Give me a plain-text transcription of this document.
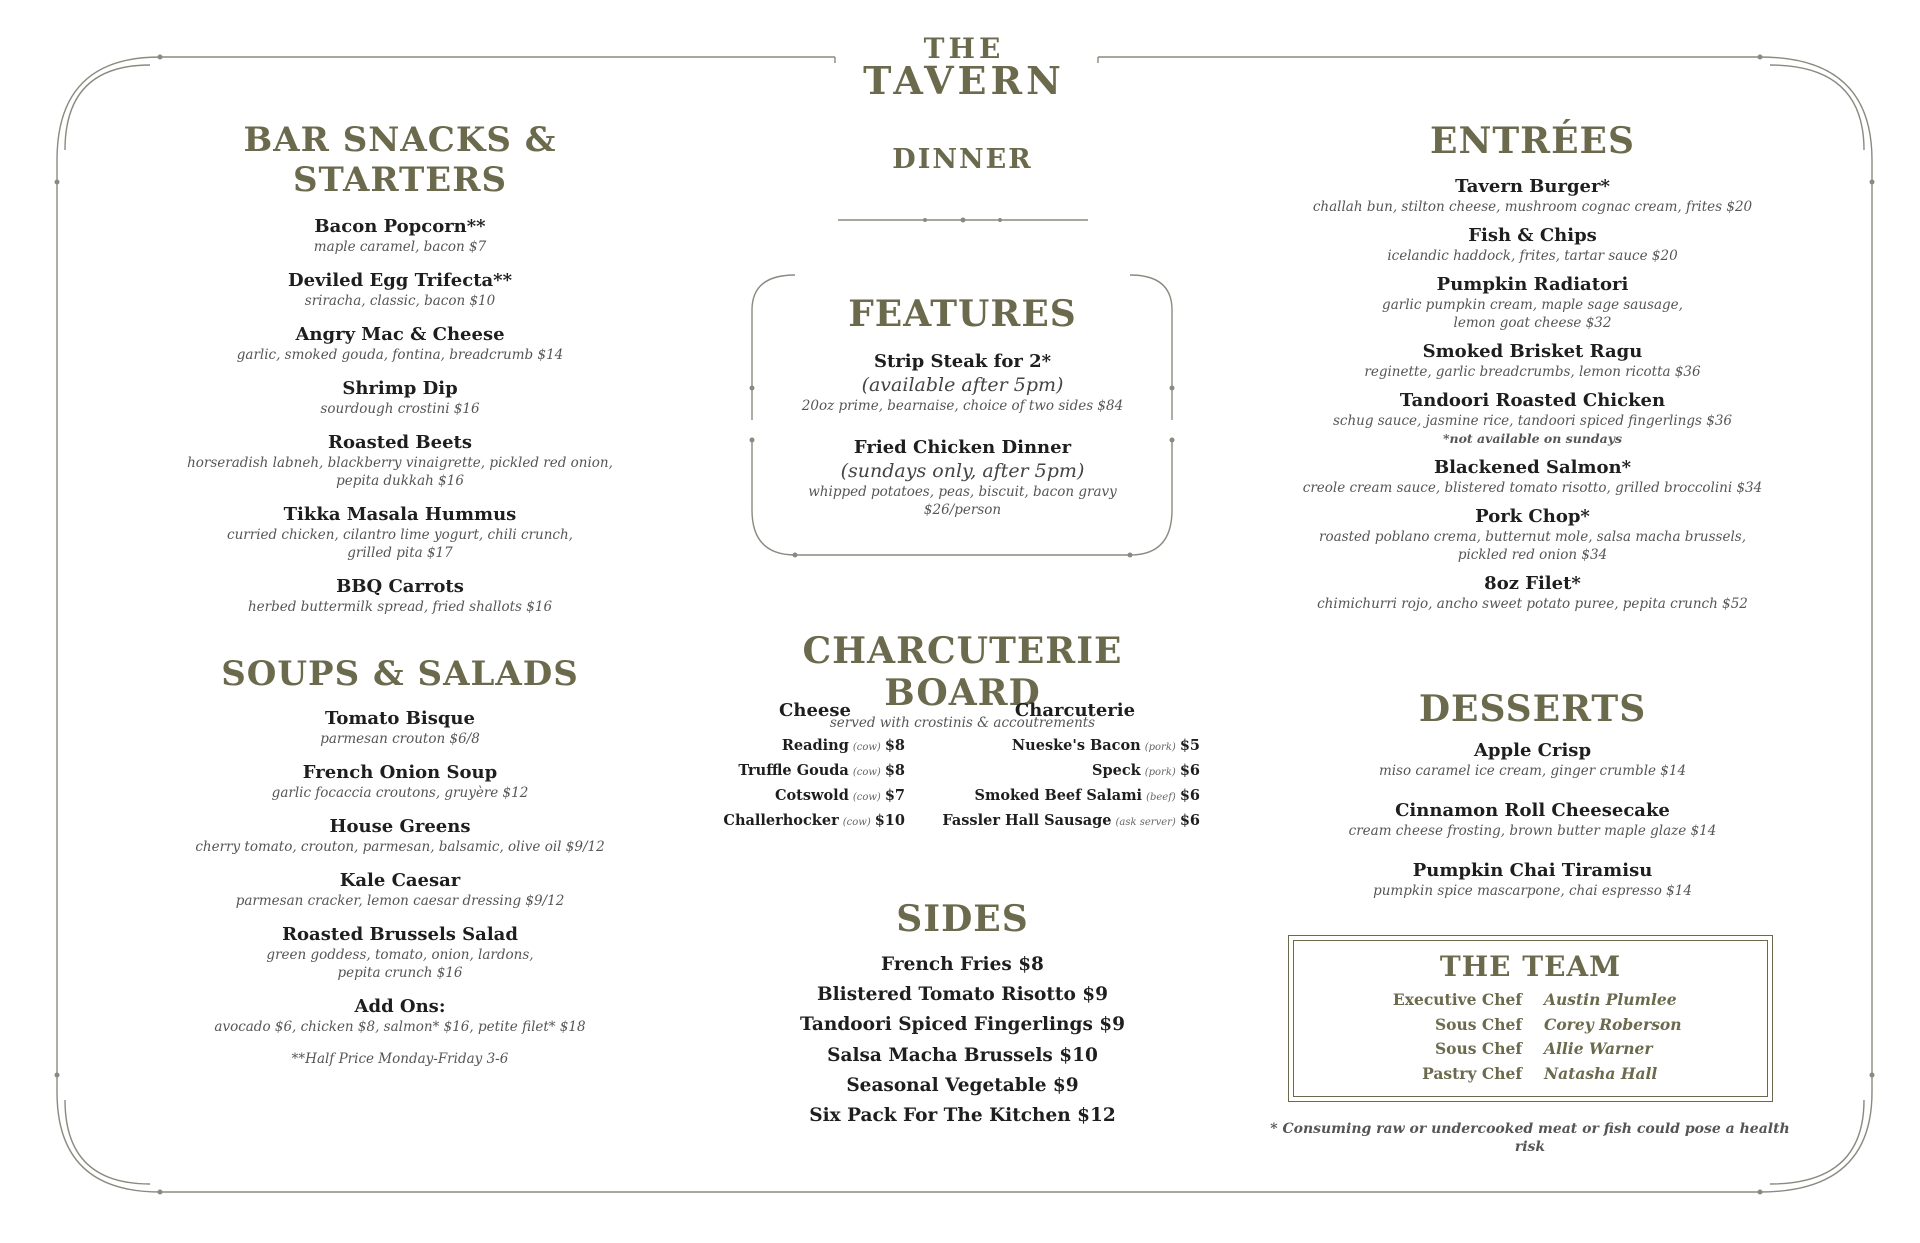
THE
TAVERN
BAR SNACKS & STARTERS
Bacon Popcorn**
maple caramel, bacon $7
Deviled Egg Trifecta**
sriracha, classic, bacon $10
Angry Mac & Cheese
garlic, smoked gouda, fontina, breadcrumb $14
Shrimp Dip
sourdough crostini $16
Roasted Beets
horseradish labneh, blackberry vinaigrette, pickled red onion,
pepita dukkah $16
Tikka Masala Hummus
curried chicken, cilantro lime yogurt, chili crunch,
grilled pita $17
BBQ Carrots
herbed buttermilk spread, fried shallots $16
SOUPS & SALADS
Tomato Bisque
parmesan crouton $6/8
French Onion Soup
garlic focaccia croutons, gruyère $12
House Greens
cherry tomato, crouton, parmesan, balsamic, olive oil $9/12
Kale Caesar
parmesan cracker, lemon caesar dressing $9/12
Roasted Brussels Salad
green goddess, tomato, onion, lardons,
pepita crunch $16
Add Ons:
avocado $6, chicken $8, salmon* $16, petite filet* $18
**Half Price Monday-Friday 3-6
DINNER
FEATURES
Strip Steak for 2*
(available after 5pm)
20oz prime, bearnaise, choice of two sides $84
Fried Chicken Dinner
(sundays only, after 5pm)
whipped potatoes, peas, biscuit, bacon gravy
$26/person
CHARCUTERIE BOARD
served with crostinis & accoutrements
Cheese
Reading (cow) $8
Truffle Gouda (cow) $8
Cotswold (cow) $7
Challerhocker (cow) $10
Charcuterie
Nueske's Bacon (pork) $5
Speck (pork) $6
Smoked Beef Salami (beef) $6
Fassler Hall Sausage (ask server) $6
SIDES
French Fries $8
Blistered Tomato Risotto $9
Tandoori Spiced Fingerlings $9
Salsa Macha Brussels $10
Seasonal Vegetable $9
Six Pack For The Kitchen $12
ENTRÉES
Tavern Burger*
challah bun, stilton cheese, mushroom cognac cream, frites $20
Fish & Chips
icelandic haddock, frites, tartar sauce $20
Pumpkin Radiatori
garlic pumpkin cream, maple sage sausage,
lemon goat cheese $32
Smoked Brisket Ragu
reginette, garlic breadcrumbs, lemon ricotta $36
Tandoori Roasted Chicken
schug sauce, jasmine rice, tandoori spiced fingerlings $36
*not available on sundays
Blackened Salmon*
creole cream sauce, blistered tomato risotto, grilled broccolini $34
Pork Chop*
roasted poblano crema, butternut mole, salsa macha brussels,
pickled red onion $34
8oz Filet*
chimichurri rojo, ancho sweet potato puree, pepita crunch $52
DESSERTS
Apple Crisp
miso caramel ice cream, ginger crumble $14
Cinnamon Roll Cheesecake
cream cheese frosting, brown butter maple glaze $14
Pumpkin Chai Tiramisu
pumpkin spice mascarpone, chai espresso $14
THE TEAM
Executive Chef Austin Plumlee
Sous Chef Corey Roberson
Sous Chef Allie Warner
Pastry Chef Natasha Hall
* Consuming raw or undercooked meat or fish could pose a health risk
